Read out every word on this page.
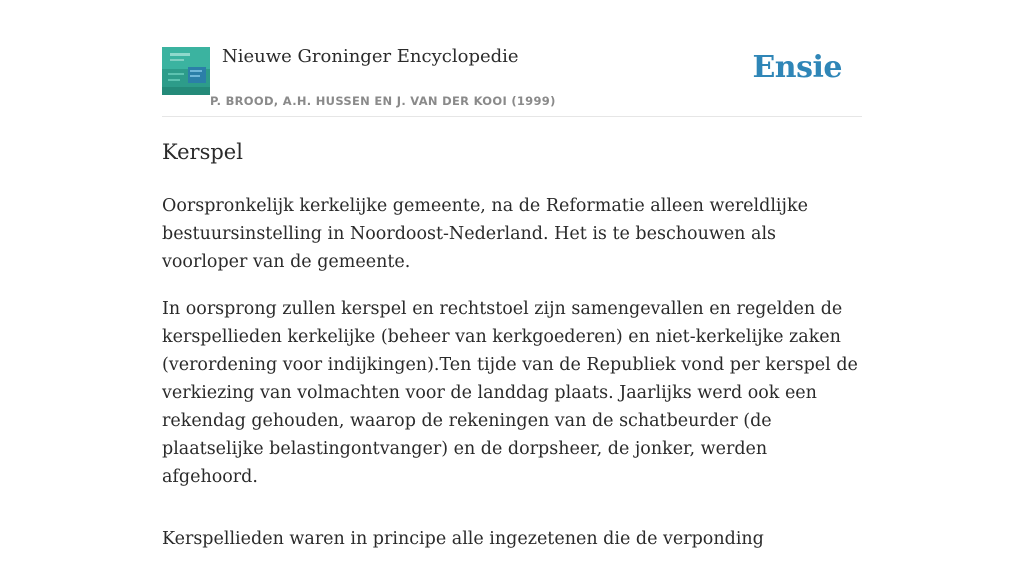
Nieuwe Groninger Encyclopedie
P. BROOD, A.H. HUSSEN EN J. VAN DER KOOI (1999)
Ensie
Kerspel

Oorspronkelijk kerkelijke gemeente, na de Reformatie alleen wereldlijke bestuursinstelling in Noordoost-Nederland. Het is te beschouwen als voorloper van de gemeente.

In oorsprong zullen kerspel en rechtstoel zijn samengevallen en regelden de kerspellieden kerkelijke (beheer van kerkgoederen) en niet-kerkelijke zaken (verordening voor indijkingen).Ten tijde van de Republiek vond per kerspel de verkiezing van volmachten voor de landdag plaats. Jaarlijks werd ook een rekendag gehouden, waarop de rekeningen van de schatbeurder (de plaatselijke belastingontvanger) en de dorpsheer, de jonker, werden afgehoord.

Kerspellieden waren in principe alle ingezetenen die de verponding
